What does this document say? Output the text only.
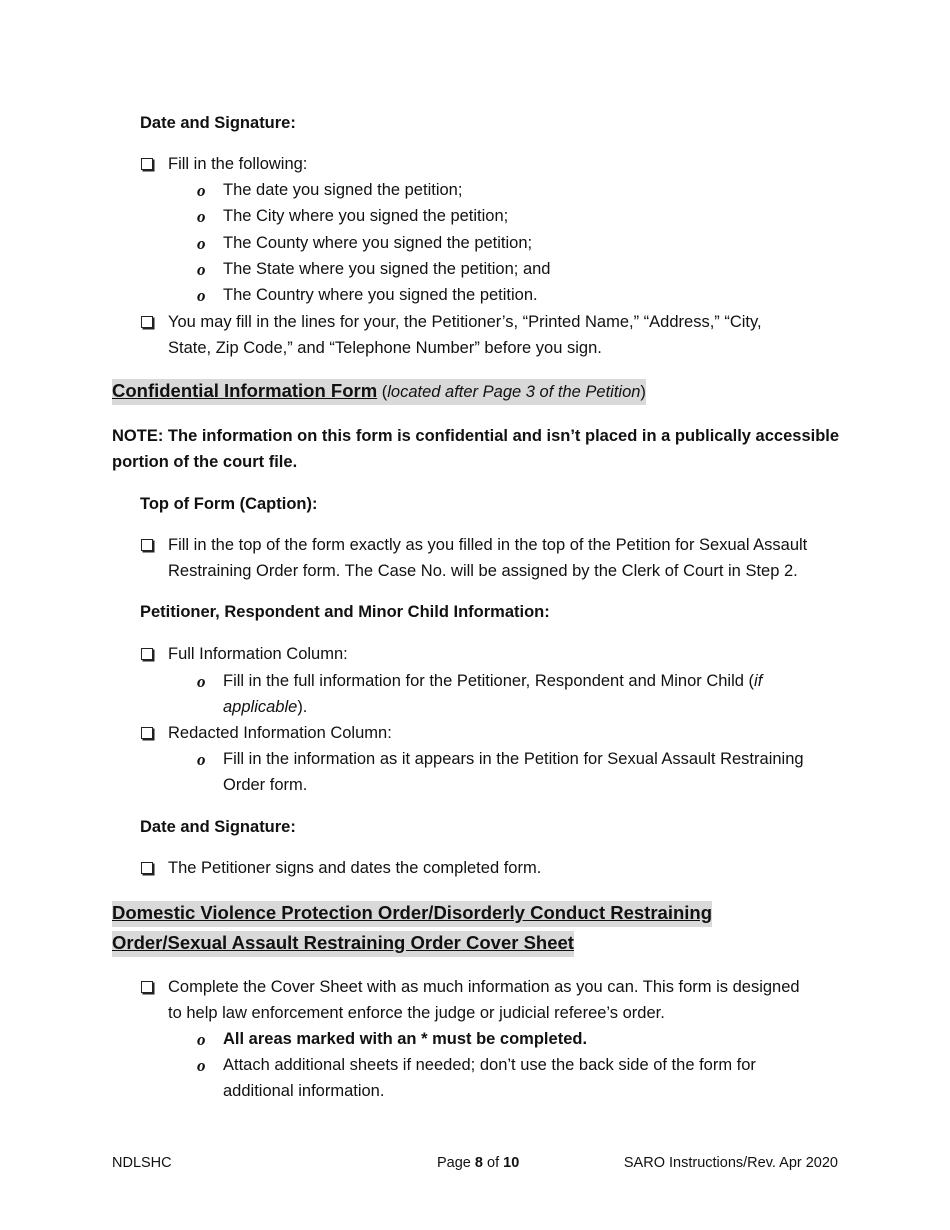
Date and Signature:
Fill in the following:
o The date you signed the petition;
o The City where you signed the petition;
o The County where you signed the petition;
o The State where you signed the petition; and
o The Country where you signed the petition.
You may fill in the lines for your, the Petitioner’s, “Printed Name,” “Address,” “City,
State, Zip Code,” and “Telephone Number” before you sign.
Confidential Information Form (located after Page 3 of the Petition)
NOTE: The information on this form is confidential and isn’t placed in a publically accessible
portion of the court file.
Top of Form (Caption):
Fill in the top of the form exactly as you filled in the top of the Petition for Sexual Assault
Restraining Order form. The Case No. will be assigned by the Clerk of Court in Step 2.
Petitioner, Respondent and Minor Child Information:
Full Information Column:
o Fill in the full information for the Petitioner, Respondent and Minor Child (if
applicable).
Redacted Information Column:
o Fill in the information as it appears in the Petition for Sexual Assault Restraining
Order form.
Date and Signature:
The Petitioner signs and dates the completed form.
Domestic Violence Protection Order/Disorderly Conduct Restraining
Order/Sexual Assault Restraining Order Cover Sheet
Complete the Cover Sheet with as much information as you can. This form is designed
to help law enforcement enforce the judge or judicial referee’s order.
o All areas marked with an * must be completed.
o Attach additional sheets if needed; don’t use the back side of the form for
additional information.
NDLSHC	Page 8 of 10	SARO Instructions/Rev. Apr 2020
